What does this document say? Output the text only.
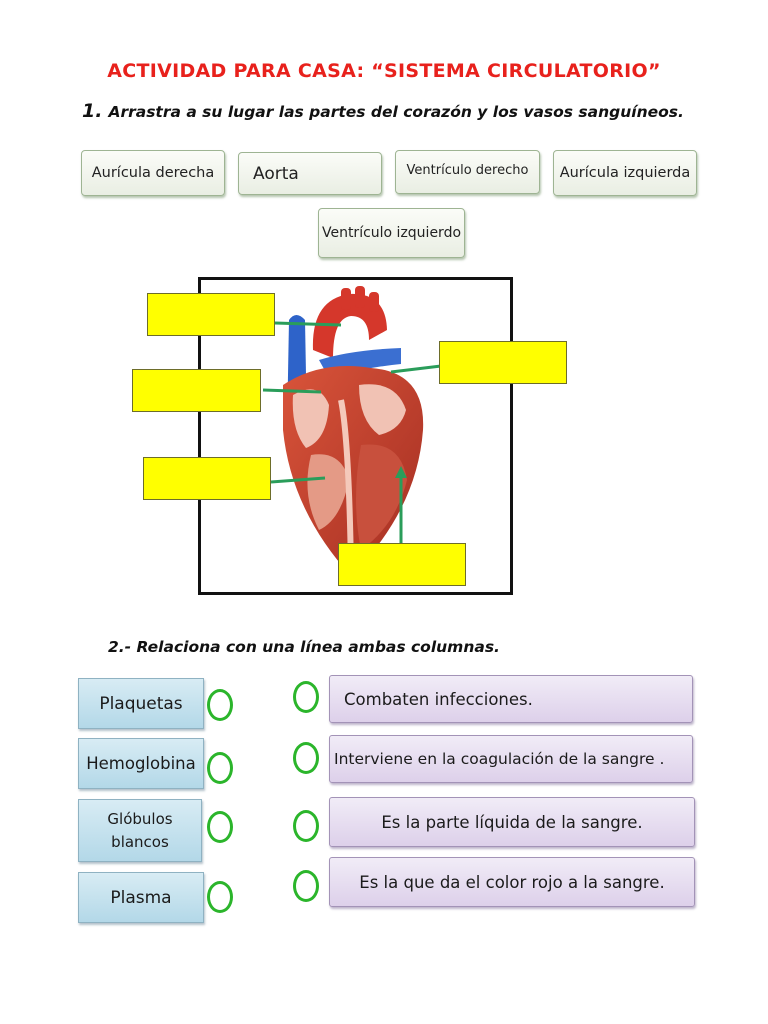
ACTIVIDAD PARA CASA: “SISTEMA CIRCULATORIO”
1. Arrastra a su lugar las partes del corazón y los vasos sanguíneos.
Aurícula derecha	Aorta	Ventrículo derecho	Aurícula izquierda
Ventrículo izquierdo
2.- Relaciona con una línea ambas columnas.
Plaquetas
Hemoglobina
Glóbulos blancos
Plasma
Combaten infecciones.
Interviene en la coagulación de la sangre .
Es la parte líquida de la sangre.
Es la que da el color rojo a la sangre.
